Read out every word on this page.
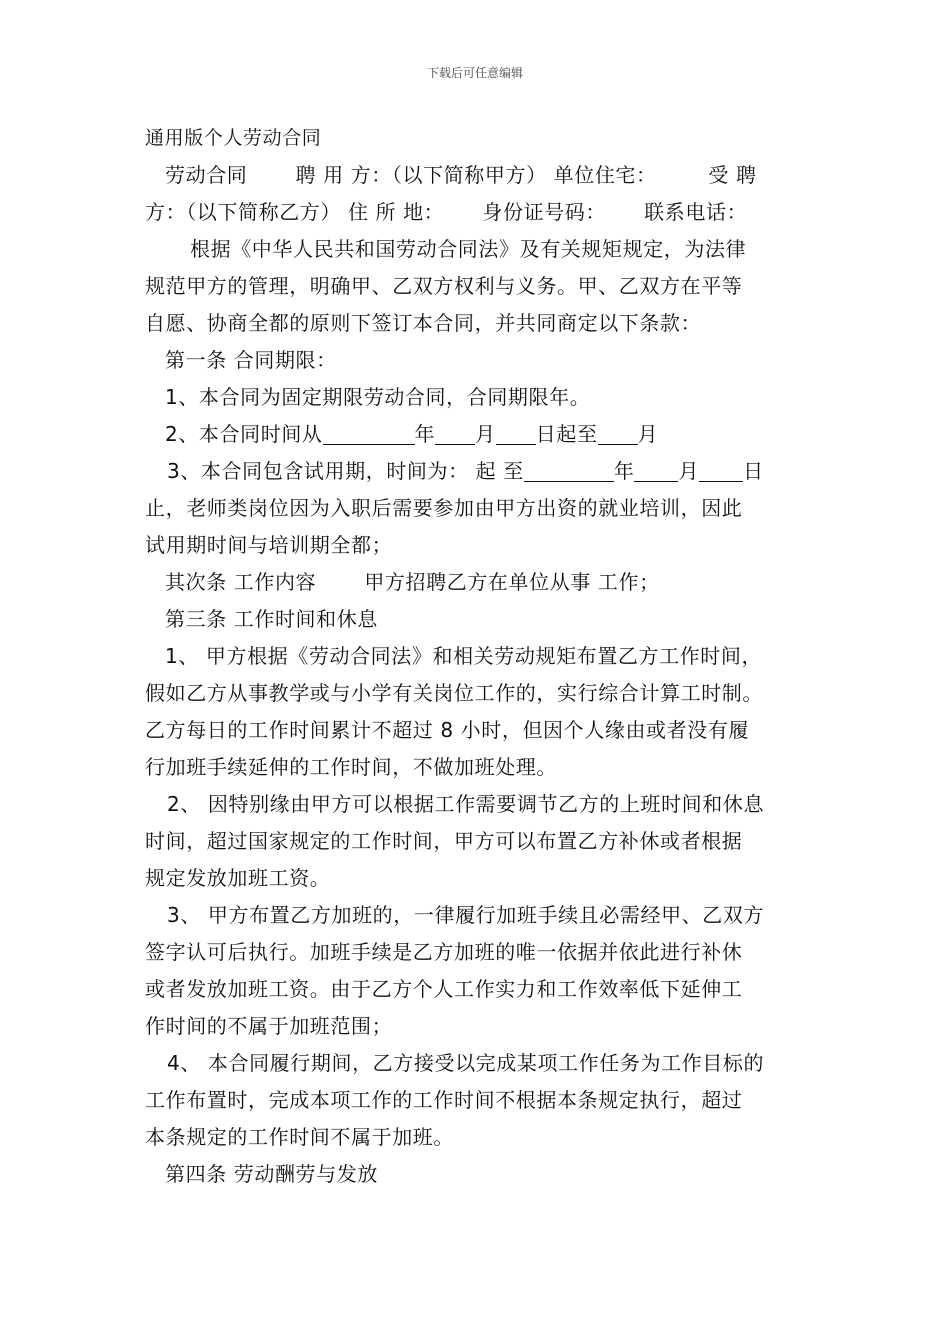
下载后可任意编辑
通用版个人劳动合同
劳动合同　　 聘 用 方：（以下简称甲方） 单位住宅：　　　受 聘
方：（以下简称乙方） 住 所 地：　　 身份证号码：　　 联系电话：
根据《中华人民共和国劳动合同法》及有关规矩规定，为法律
规范甲方的管理，明确甲、乙双方权利与义务。甲、乙双方在平等
自愿、协商全都的原则下签订本合同，并共同商定以下条款：
第一条 合同期限：
1、本合同为固定期限劳动合同，合同期限年。
2、本合同时间从	年 月 日起至 月
3、本合同包含试用期，时间为： 起 至	年 月 日
止，老师类岗位因为入职后需要参加由甲方出资的就业培训，因此
试用期时间与培训期全都；
其次条 工作内容　　 甲方招聘乙方在单位从事 工作；
第三条 工作时间和休息
1、 甲方根据《劳动合同法》和相关劳动规矩布置乙方工作时间，
假如乙方从事教学或与小学有关岗位工作的，实行综合计算工时制。
乙方每日的工作时间累计不超过 8 小时，但因个人缘由或者没有履
行加班手续延伸的工作时间，不做加班处理。
2、 因特别缘由甲方可以根据工作需要调节乙方的上班时间和休息
时间，超过国家规定的工作时间，甲方可以布置乙方补休或者根据
规定发放加班工资。
3、 甲方布置乙方加班的，一律履行加班手续且必需经甲、乙双方
签字认可后执行。加班手续是乙方加班的唯一依据并依此进行补休
或者发放加班工资。由于乙方个人工作实力和工作效率低下延伸工
作时间的不属于加班范围；
4、 本合同履行期间，乙方接受以完成某项工作任务为工作目标的
工作布置时，完成本项工作的工作时间不根据本条规定执行，超过
本条规定的工作时间不属于加班。
第四条 劳动酬劳与发放
